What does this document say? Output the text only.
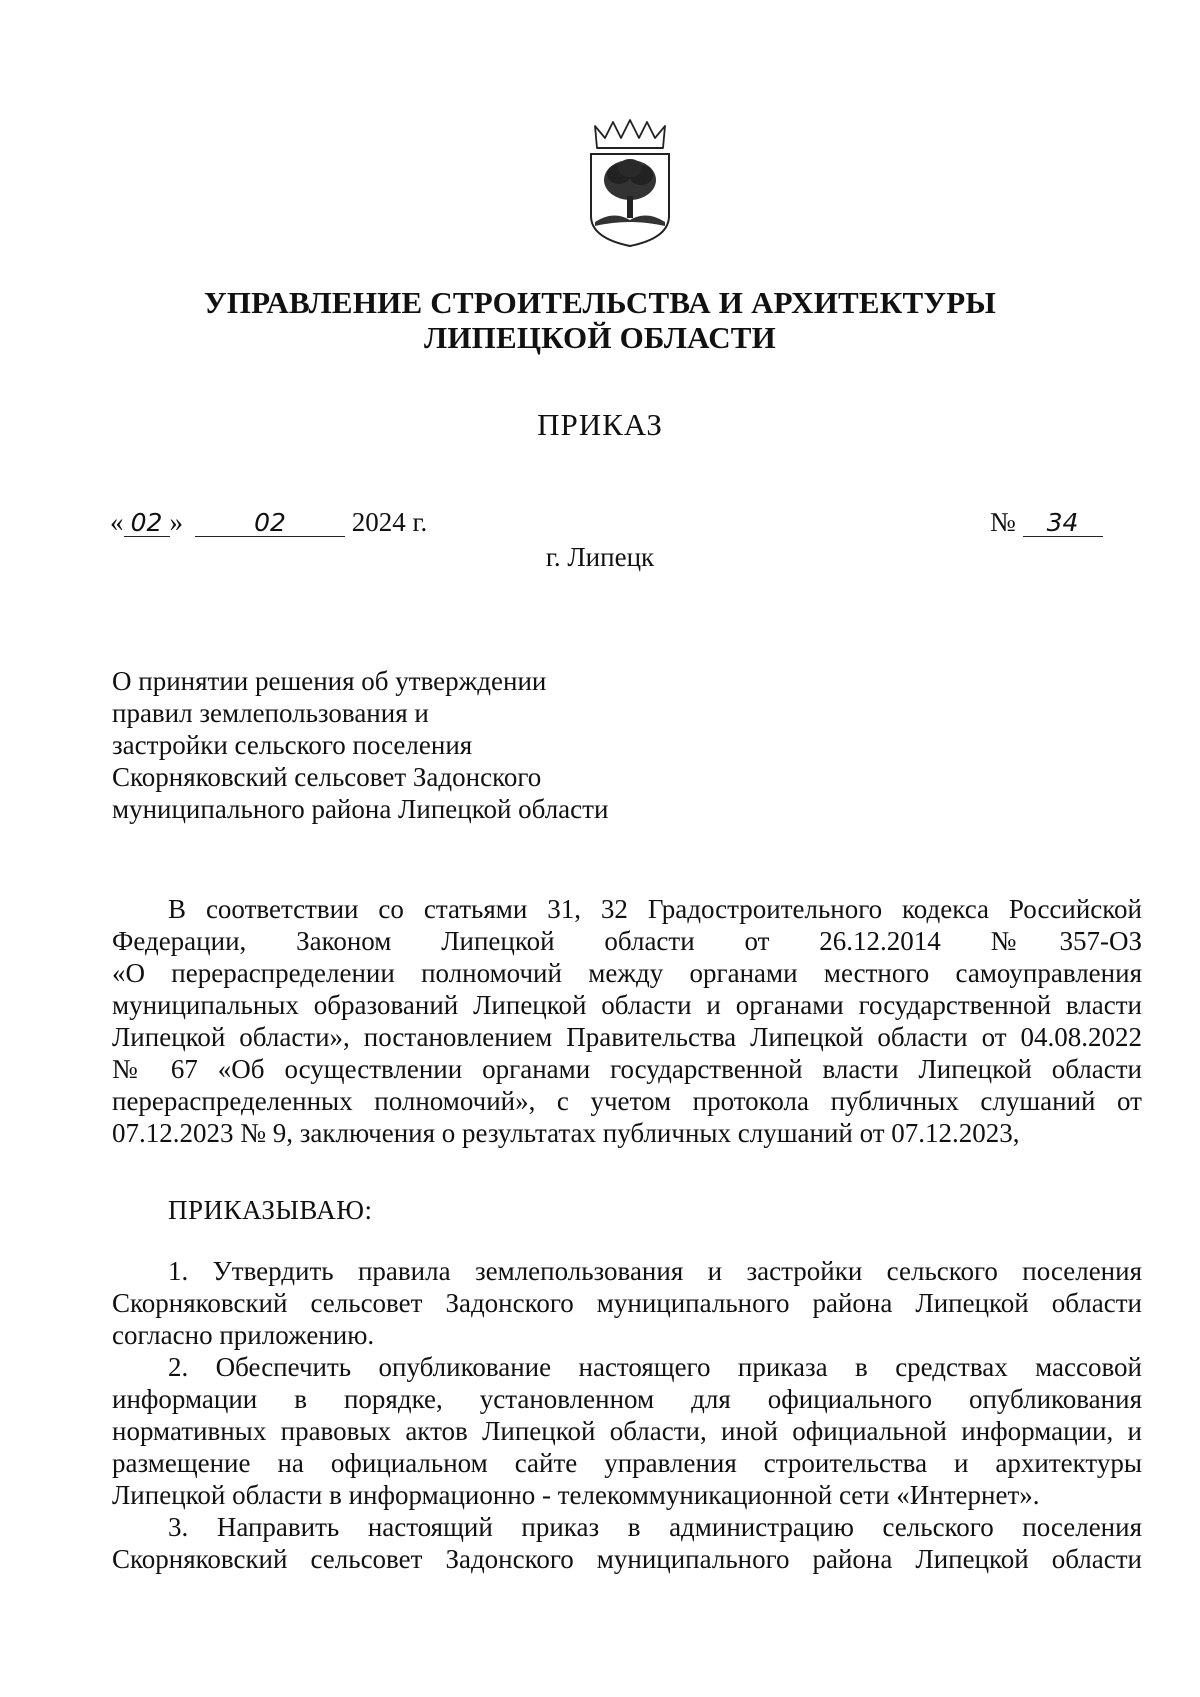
УПРАВЛЕНИЕ СТРОИТЕЛЬСТВА И АРХИТЕКТУРЫ
ЛИПЕЦКОЙ ОБЛАСТИ
ПРИКАЗ
« 02 »	02 2024 г.	№ 34
г. Липецк
О принятии решения об утверждении
правил землепользования и
застройки сельского поселения
Скорняковский сельсовет Задонского
муниципального района Липецкой области
В соответствии со статьями 31, 32 Градостроительного кодекса Российской
Федерации, Законом Липецкой области от 26.12.2014 №357-ОЗ
«О перераспределении полномочий между органами местного самоуправления
муниципальных образований Липецкой области и органами государственной власти
Липецкой области», постановлением Правительства Липецкой области от 04.08.2022
№ 67 «Об осуществлении органами государственной власти Липецкой области
перераспределенных полномочий», с учетом протокола публичных слушаний от
07.12.2023 № 9, заключения о результатах публичных слушаний от 07.12.2023,
ПРИКАЗЫВАЮ:
1. Утвердить правила землепользования и застройки сельского поселения
Скорняковский сельсовет Задонского муниципального района Липецкой области
согласно приложению.
2. Обеспечить опубликование настоящего приказа в средствах массовой
информации в порядке, установленном для официального опубликования
нормативных правовых актов Липецкой области, иной официальной информации, и
размещение на официальном сайте управления строительства и архитектуры
Липецкой области в информационно - телекоммуникационной сети «Интернет».
3. Направить настоящий приказ в администрацию сельского поселения
Скорняковский сельсовет Задонского муниципального района Липецкой области
